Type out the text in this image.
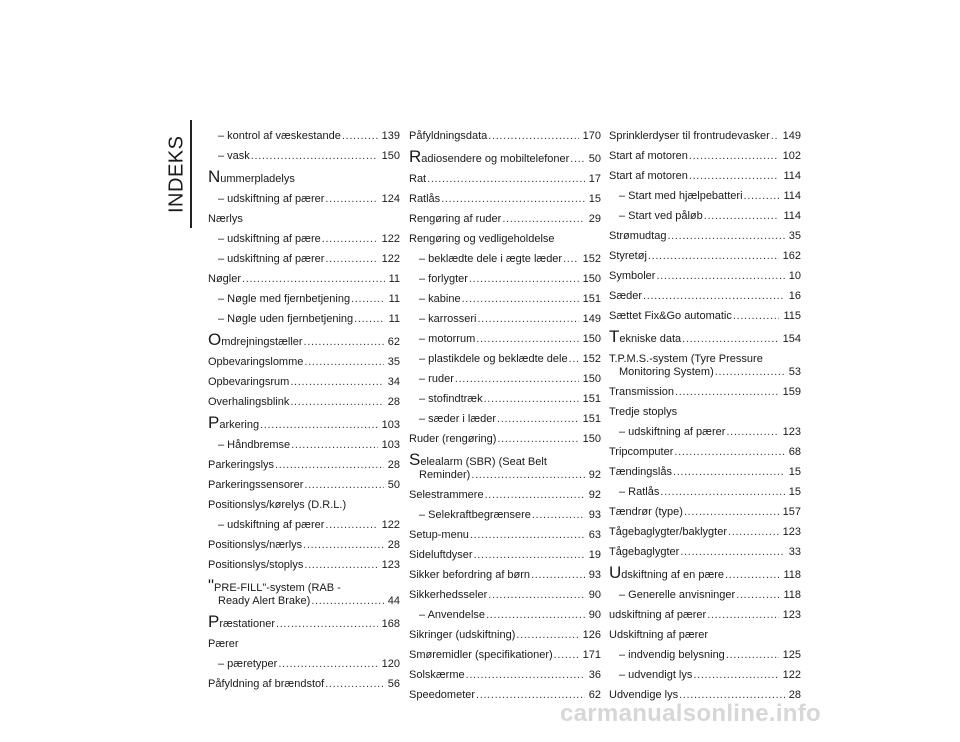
INDEKS	– kontrol af væskestande . . .	139
– vask . . .	150
Nummerpladelys
– udskiftning af pærer . . .	124
Nærlys
– udskiftning af pære . . .	122
– udskiftning af pærer . . .	122
Nøgler . . .	11
– Nøgle med fjernbetjening . . .	11
– Nøgle uden fjernbetjening . . .	11
Omdrejningstæller . . .	62
Opbevaringslomme . . .	35
Opbevaringsrum . . .	34
Overhalingsblink . . .	28
Parkering . . .	103
– Håndbremse . . .	103
Parkeringslys . . .	28
Parkeringssensorer . . .	50
Positionslys/kørelys (D.R.L.)
– udskiftning af pærer . . .	122
Positionslys/nærlys . . .	28
Positionslys/stoplys . . .	123
"PRE-FILL"-system (RAB -
Ready Alert Brake) . . .	44
Præstationer . . .	168
Pærer
– pæretyper . . .	120
Påfyldning af brændstof . . .	56
Påfyldningsdata . . .	170
Radiosendere og mobiltelefoner . . . 50
Rat . . .	17
Ratlås . . .	15
Rengøring af ruder . . .	29
Rengøring og vedligeholdelse
– beklædte dele i ægte læder . . . 152
– forlygter . . .	150
– kabine . . .	151
– karrosseri . . .	149
– motorrum . . .	150
– plastikdele og beklædte dele . . . 152
– ruder . . .	150
– stofindtræk . . .	151
– sæder i læder . . .	151
Ruder (rengøring) . . .	150
Selealarm (SBR) (Seat Belt
Reminder) . . .	92
Selestrammere . . .	92
– Selekraftbegrænsere . . .	93
Setup-menu . . .	63
Sideluftdyser . . .	19
Sikker befordring af børn . . .	93
Sikkerhedsseler . . .	90
– Anvendelse . . .	90
Sikringer (udskiftning) . . .	126
Smøremidler (specifikationer) . . .	171
Solskærme . . .	36
Speedometer . . .	62
Sprinklerdyser til frontrudevasker . . . 149
Start af motoren . . .	102
Start af motoren . . .	114
– Start med hjælpebatteri . . .	114
– Start ved påløb . . .	114
Strømudtag . . .	35
Styretøj . . .	162
Symboler . . .	10
Sæder . . .	16
Sættet Fix&Go automatic . . .	115
Tekniske data . . .	154
T.P.M.S.-system (Tyre Pressure
Monitoring System) . . .	53
Transmission . . .	159
Tredje stoplys
– udskiftning af pærer . . .	123
Tripcomputer . . .	68
Tændingslås . . .	15
– Ratlås . . .	15
Tændrør (type) . . .	157
Tågebaglygter/baklygter . . .	123
Tågebaglygter . . .	33
Udskiftning af en pære . . .	118
– Generelle anvisninger . . .	118
udskiftning af pærer . . .	123
Udskiftning af pærer
– indvendig belysning . . .	125
– udvendigt lys . . .	122
Udvendige lys . . .	28
carmanualsonline.info
